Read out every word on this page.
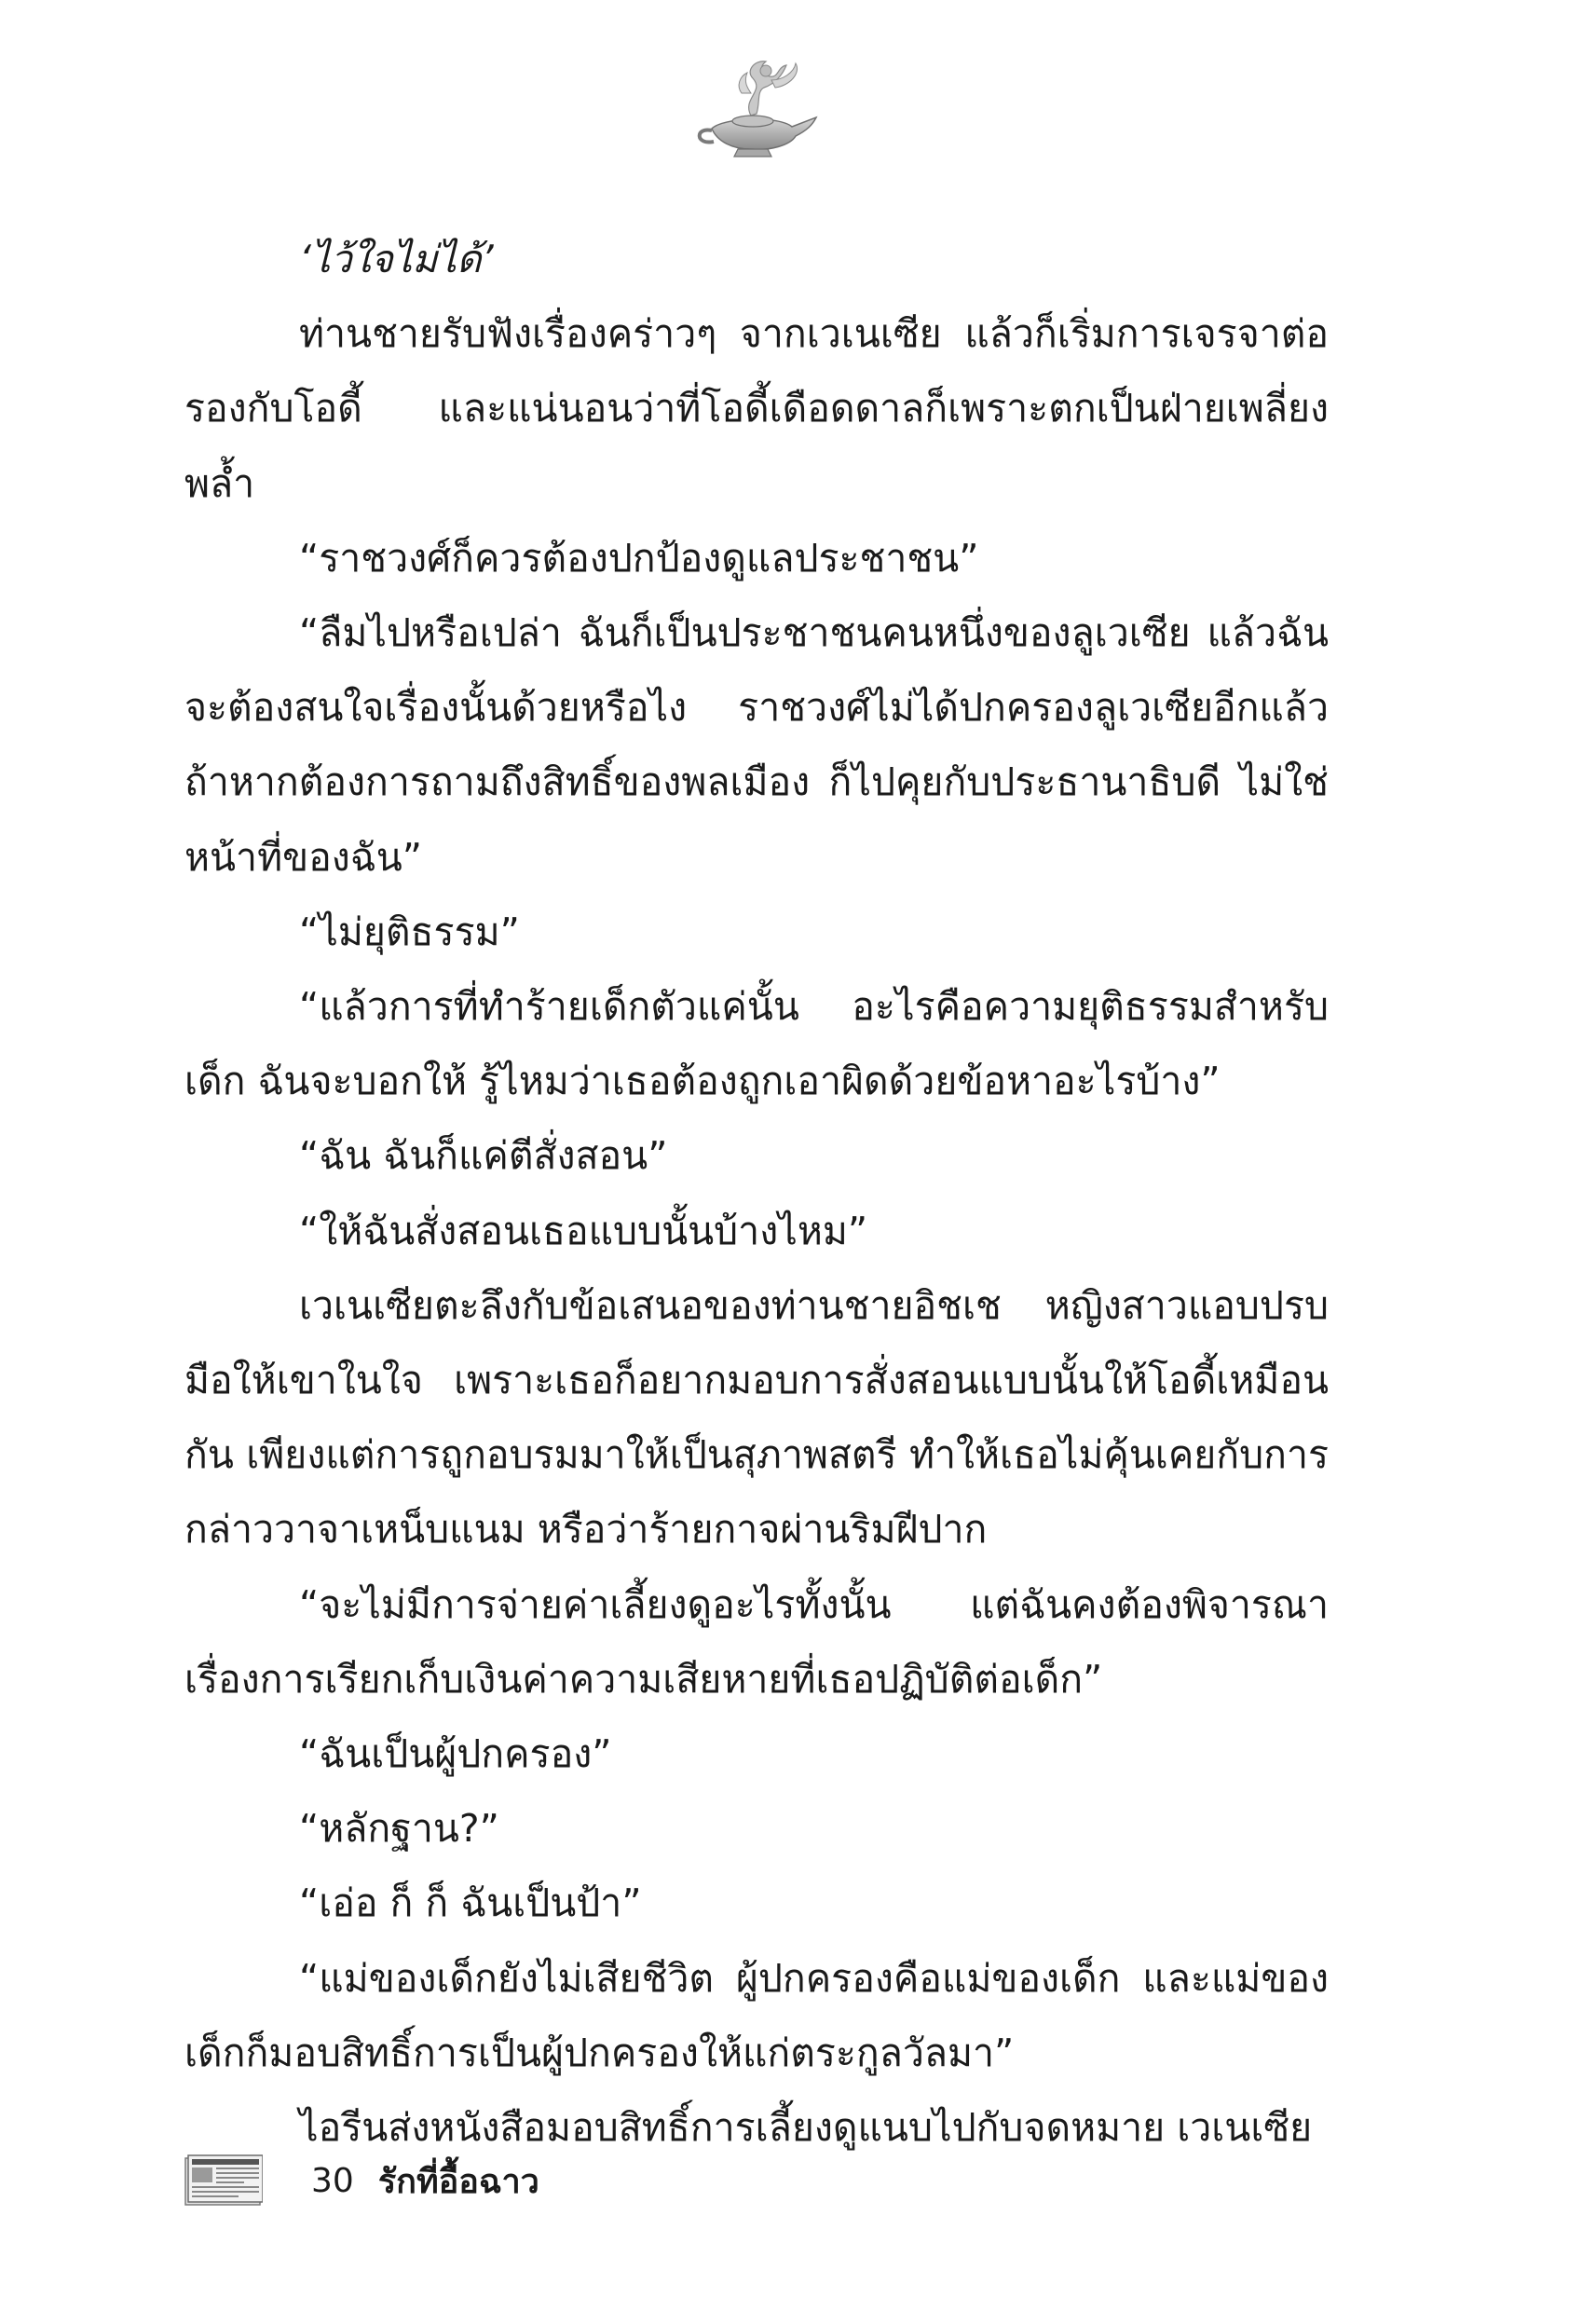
‘ไว้ใจไม่ได้’

ท่านชายรับฟังเรื่องคร่าวๆ จากเวเนเซีย แล้วก็เริ่มการเจรจาต่อรองกับโอดี้ และแน่นอนว่าที่โอดี้เดือดดาลก็เพราะตกเป็นฝ่ายเพลี่ยงพล้ำ

“ราชวงศ์ก็ควรต้องปกป้องดูแลประชาชน”

“ลืมไปหรือเปล่า ฉันก็เป็นประชาชนคนหนึ่งของลูเวเซีย แล้วฉันจะต้องสนใจเรื่องนั้นด้วยหรือไง ราชวงศ์ไม่ได้ปกครองลูเวเซียอีกแล้ว ถ้าหากต้องการถามถึงสิทธิ์ของพลเมือง ก็ไปคุยกับประธานาธิบดี ไม่ใช่หน้าที่ของฉัน”

“ไม่ยุติธรรม”

“แล้วการที่ทำร้ายเด็กตัวแค่นั้น อะไรคือความยุติธรรมสำหรับเด็ก ฉันจะบอกให้ รู้ไหมว่าเธอต้องถูกเอาผิดด้วยข้อหาอะไรบ้าง”

“ฉัน ฉันก็แค่ตีสั่งสอน”

“ให้ฉันสั่งสอนเธอแบบนั้นบ้างไหม”

เวเนเซียตะลึงกับข้อเสนอของท่านชายอิชเช หญิงสาวแอบปรบมือให้เขาในใจ เพราะเธอก็อยากมอบการสั่งสอนแบบนั้นให้โอดี้เหมือนกัน เพียงแต่การถูกอบรมมาให้เป็นสุภาพสตรี ทำให้เธอไม่คุ้นเคยกับการกล่าววาจาเหน็บแนม หรือว่าร้ายกาจผ่านริมฝีปาก

“จะไม่มีการจ่ายค่าเลี้ยงดูอะไรทั้งนั้น แต่ฉันคงต้องพิจารณาเรื่องการเรียกเก็บเงินค่าความเสียหายที่เธอปฏิบัติต่อเด็ก”

“ฉันเป็นผู้ปกครอง”

“หลักฐาน?”

“เอ่อ ก็ ก็ ฉันเป็นป้า”

“แม่ของเด็กยังไม่เสียชีวิต ผู้ปกครองคือแม่ของเด็ก และแม่ของเด็กก็มอบสิทธิ์การเป็นผู้ปกครองให้แก่ตระกูลวัลมา”

ไอรีนส่งหนังสือมอบสิทธิ์การเลี้ยงดูแนบไปกับจดหมาย เวเนเซีย

30 รักที่อื้อฉาว
